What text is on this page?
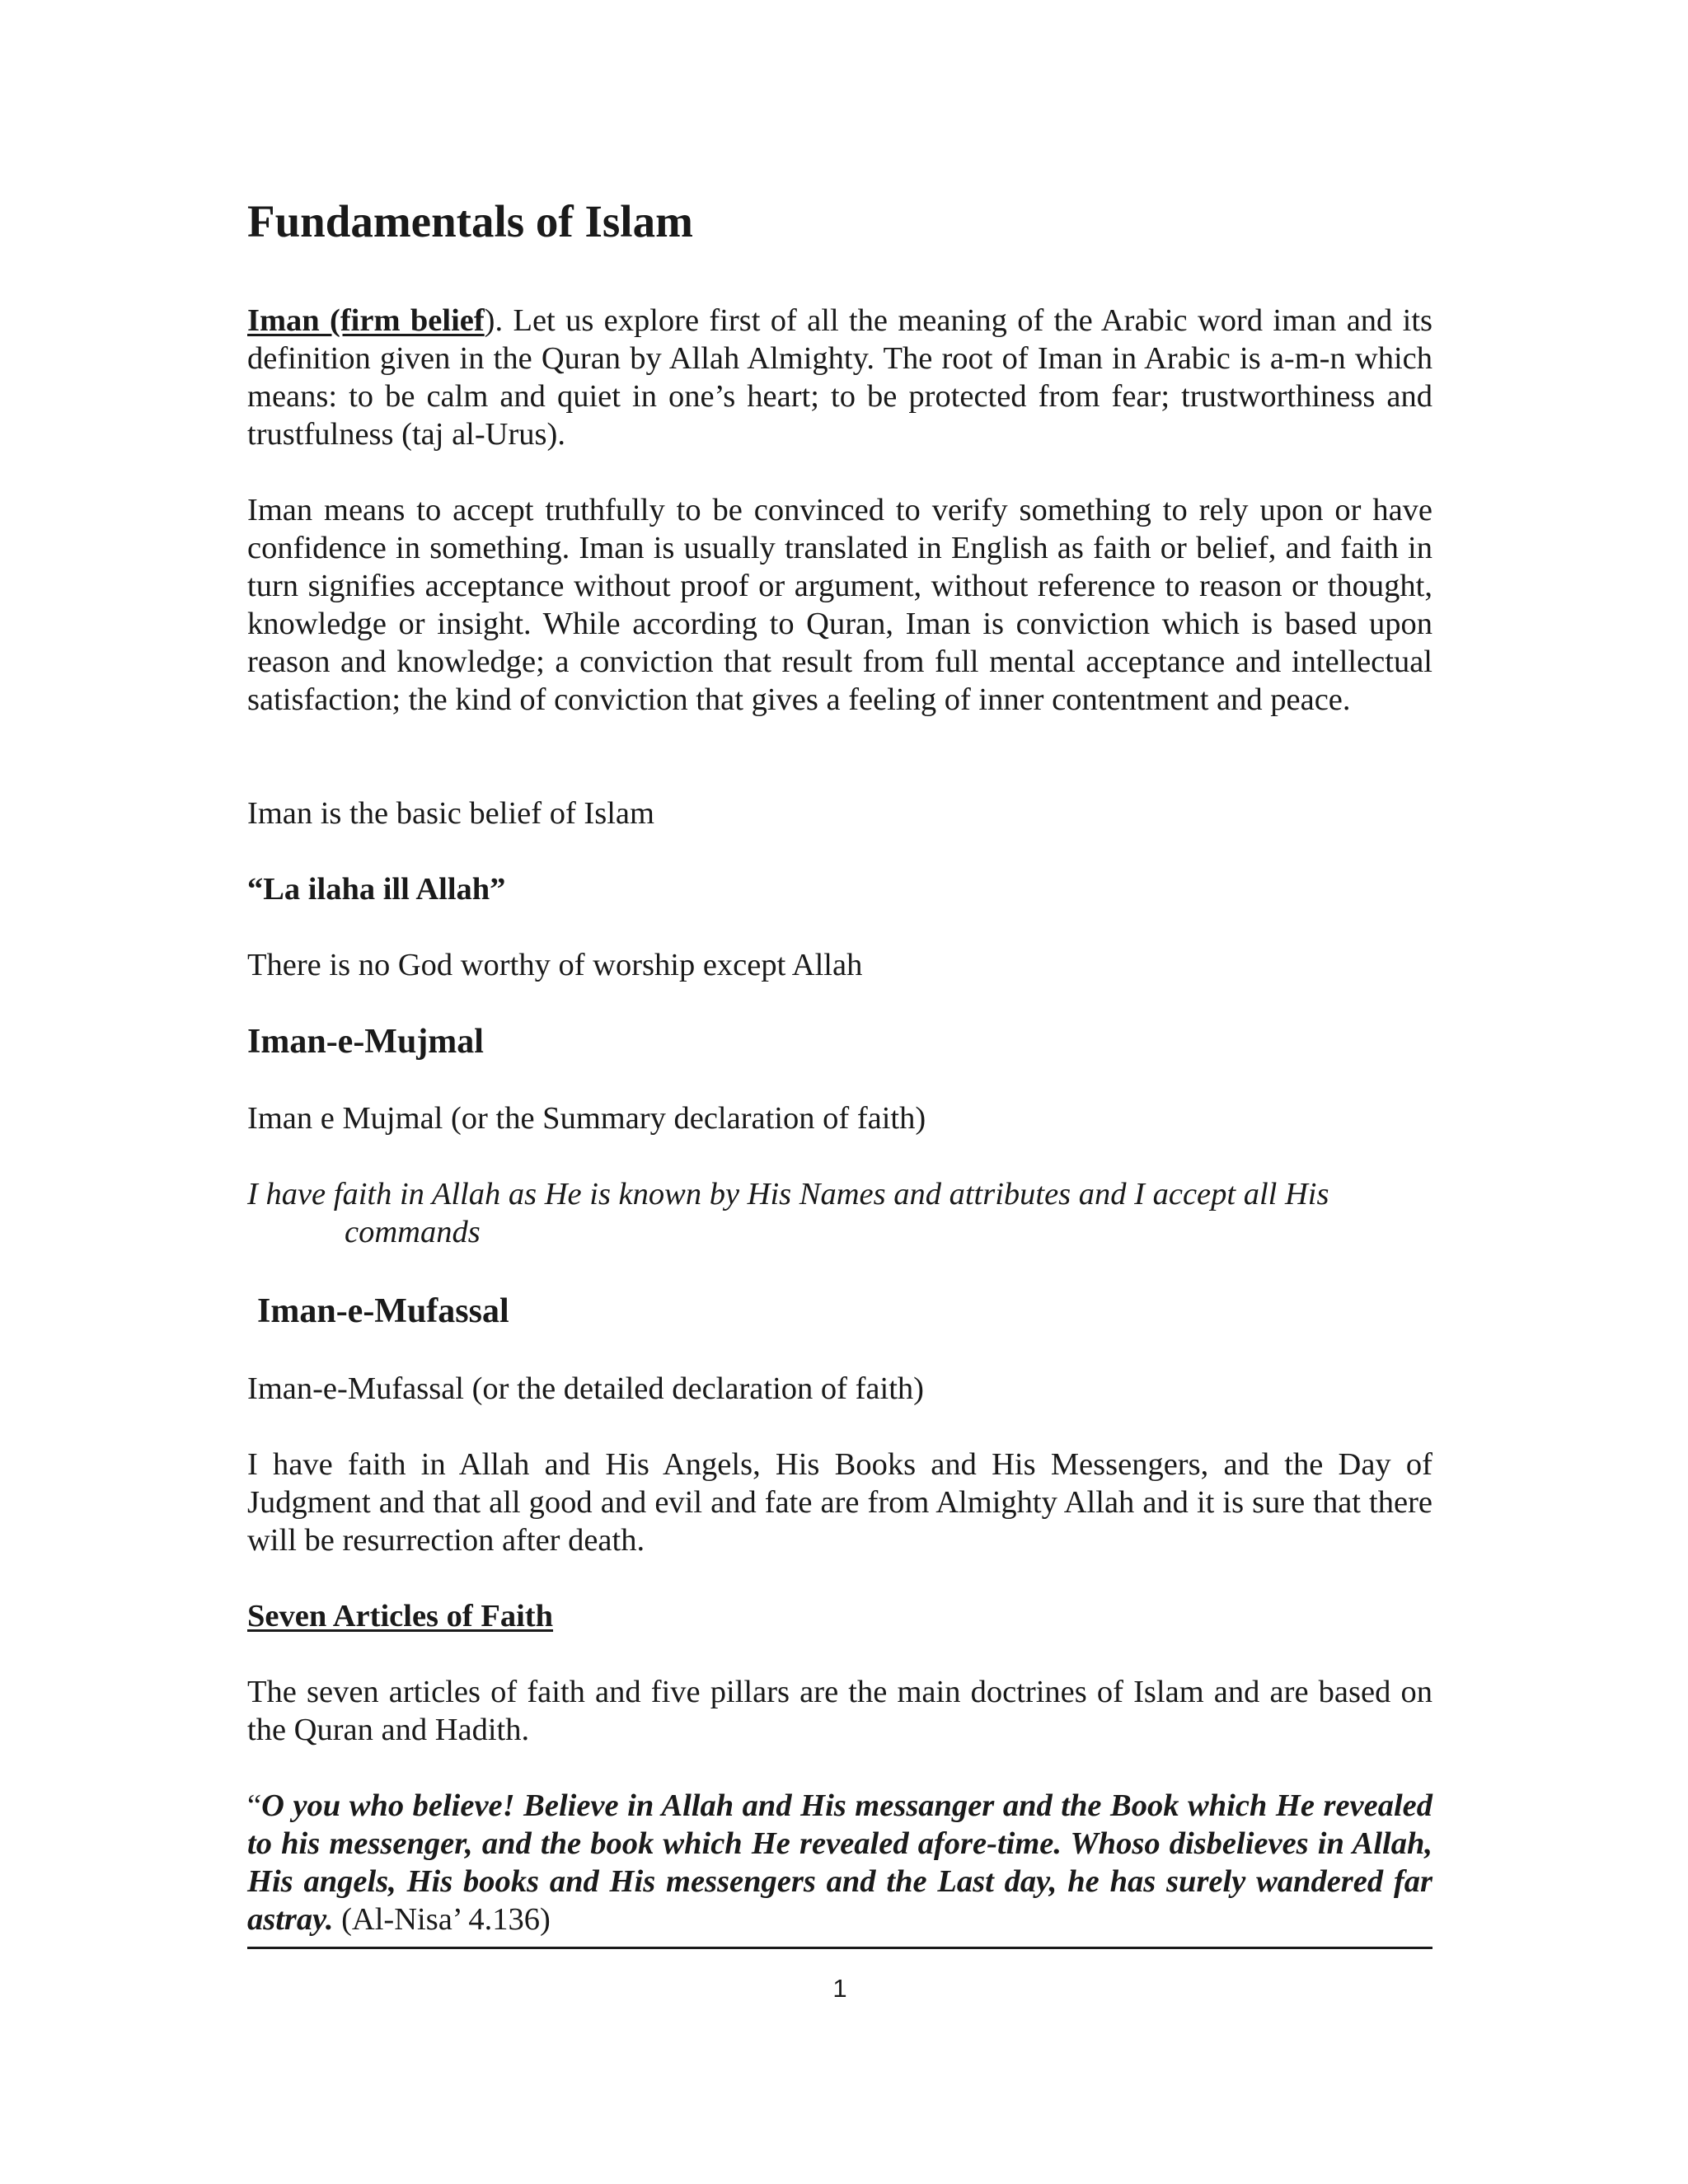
Fundamentals of Islam

Iman (firm belief). Let us explore first of all the meaning of the Arabic word iman and its definition given in the Quran by Allah Almighty. The root of Iman in Arabic is a-m-n which means: to be calm and quiet in one’s heart; to be protected from fear; trustworthiness and trustfulness (taj al-Urus).

Iman means to accept truthfully to be convinced to verify something to rely upon or have confidence in something. Iman is usually translated in English as faith or belief, and faith in turn signifies acceptance without proof or argument, without reference to reason or thought, knowledge or insight. While according to Quran, Iman is conviction which is based upon reason and knowledge; a conviction that result from full mental acceptance and intellectual satisfaction; the kind of conviction that gives a feeling of inner contentment and peace.

Iman is the basic belief of Islam

“La ilaha ill Allah”

There is no God worthy of worship except Allah

Iman-e-Mujmal

Iman e Mujmal (or the Summary declaration of faith)

I have faith in Allah as He is known by His Names and attributes and I accept all His
commands

Iman-e-Mufassal

Iman-e-Mufassal (or the detailed declaration of faith)

I have faith in Allah and His Angels, His Books and His Messengers, and the Day of Judgment and that all good and evil and fate are from Almighty Allah and it is sure that there will be resurrection after death.

Seven Articles of Faith

The seven articles of faith and five pillars are the main doctrines of Islam and are based on the Quran and Hadith.

“O you who believe! Believe in Allah and His messanger and the Book which He revealed to his messenger, and the book which He revealed afore-time. Whoso disbelieves in Allah, His angels, His books and His messengers and the Last day, he has surely wandered far astray. (Al-Nisa’ 4.136)

1
